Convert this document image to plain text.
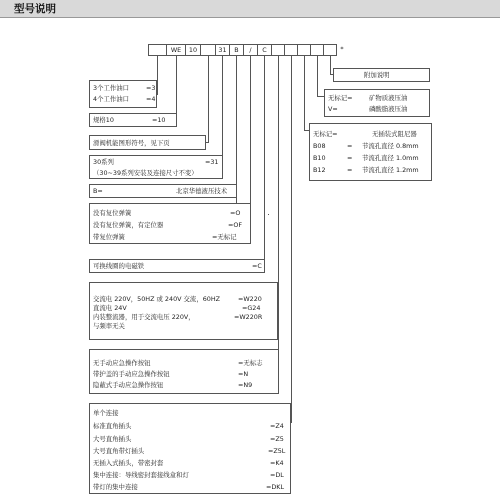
型号说明
WE	10	31	B	/	C	*
3个工作油口	=3
4个工作油口	=4
规格10	=10
滑阀机能图形符号，见下页
30系列	=31
（30~39系列安装及连接尺寸不变）
B=	北京华德液压技术
没有复位弹簧	=O
没有复位弹簧，有定位器	=OF
带复位弹簧	=无标记
可换线圈的电磁铁	=C
交流电 220V，50HZ 或 240V 交流，60HZ	=W220
直流电 24V	=G24
内装整流器，用于交流电压 220V，	=W220R
与频率无关
无手动应急操作按钮	=无标志
带护盖的手动应急操作按钮	=N
隐蔽式手动应急操作按钮	=N9
单个连接
标准直角插头	=Z4
大号直角插头	=Z5
大号直角带灯插头	=Z5L
无插入式插头，带密封套	=K4
集中连接：导线密封套接线盒和灯	=DL
带灯的集中连接	=DKL
附加说明
无标记=	矿物质液压油
V=	磷酸脂液压油
无标记=	无插装式阻尼器
B08	= 节流孔直径 0.8mm
B10	= 节流孔直径 1.0mm
B12	= 节流孔直径 1.2mm
